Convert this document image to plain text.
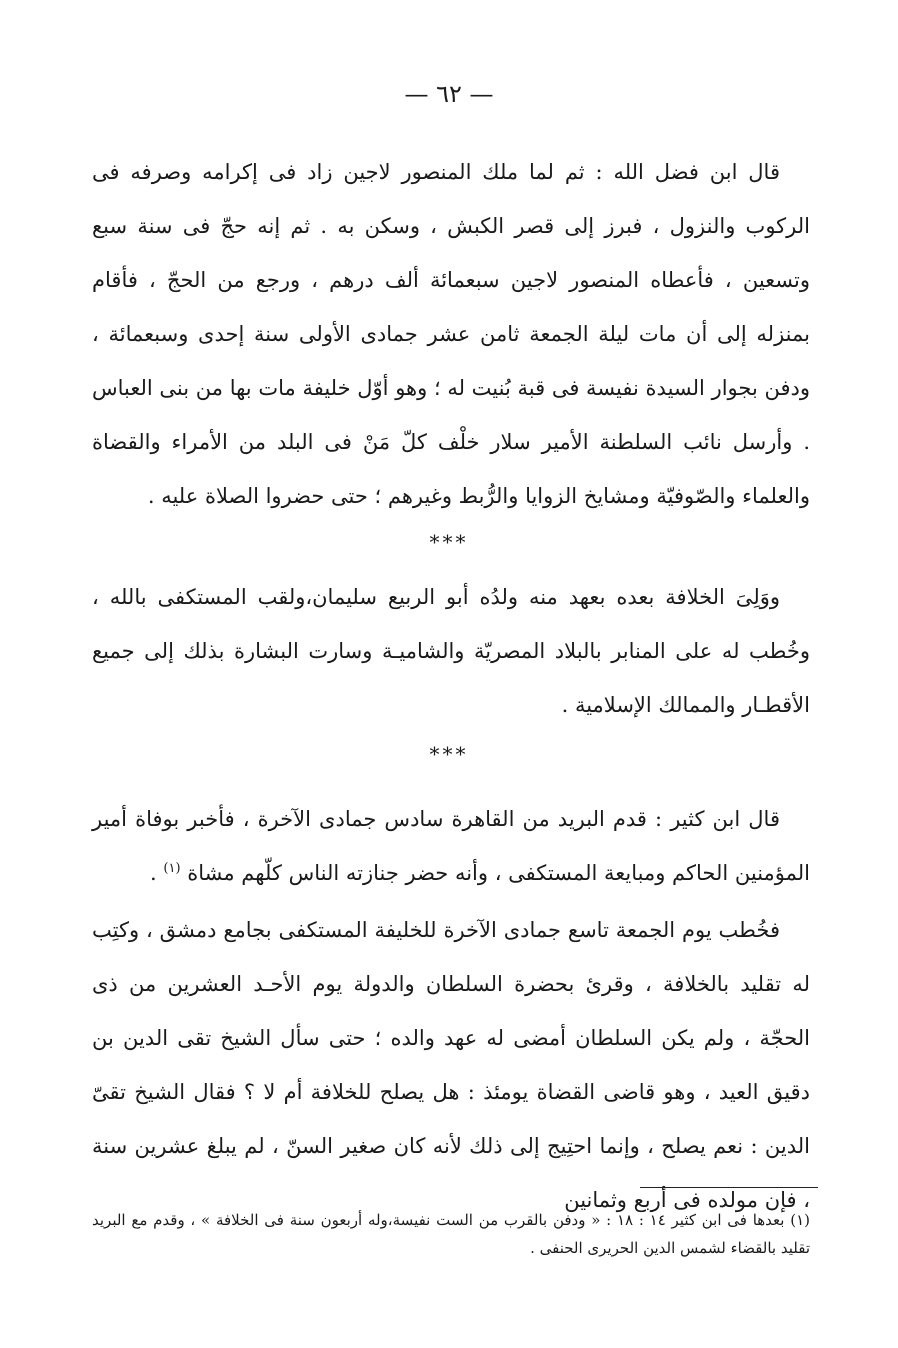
— ٦٢ —
قال ابن فضل الله : ثم لما ملك المنصور لاجين زاد فى إكرامه وصرفه فى الركوب والنزول ، فبرز إلى قصر الكبش ، وسكن به . ثم إنه حجّ فى سنة سبع وتسعين ، فأعطاه المنصور لاجين سبعمائة ألف درهم ، ورجع من الحجّ ، فأقام بمنزله إلى أن مات ليلة الجمعة ثامن عشر جمادى الأولى سنة إحدى وسبعمائة ، ودفن بجوار السيدة نفيسة فى قبة بُنيت له ؛ وهو أوّل خليفة مات بها من بنى العباس . وأرسل نائب السلطنة الأمير سلار خلْف كلّ مَنْ فى البلد من الأمراء والقضاة والعلماء والصّوفيّة ومشايخ الزوايا والرُّبط وغيرهم ؛ حتى حضروا الصلاة عليه .
***
ووَلِىَ الخلافة بعده بعهد منه ولدُه أبو الربيع سليمان،ولقب المستكفى بالله ، وخُطب له على المنابر بالبلاد المصريّة والشاميـة وسارت البشارة بذلك إلى جميع الأقطـار والممالك الإسلامية .
***
قال ابن كثير : قدم البريد من القاهرة سادس جمادى الآخرة ، فأخبر بوفاة أمير المؤمنين الحاكم ومبايعة المستكفى ، وأنه حضر جنازته الناس كلّهم مشاة $^{(١)}$ .
فخُطب يوم الجمعة تاسع جمادى الآخرة للخليفة المستكفى بجامع دمشق ، وكتِب له تقليد بالخلافة ، وقرئ بحضرة السلطان والدولة يوم الأحـد العشرين من ذى الحجّة ، ولم يكن السلطان أمضى له عهد والده ؛ حتى سأل الشيخ تقى الدين بن دقيق العيد ، وهو قاضى القضاة يومئذ : هل يصلح للخلافة أم لا ؟ فقال الشيخ تقىّ الدين : نعم يصلح ، وإنما احتِيج إلى ذلك لأنه كان صغير السنّ ، لم يبلغ عشرين سنة ، فإن مولده فى أربع وثمانين
(١) بعدها فى ابن كثير ١٤ : ١٨ : « ودفن بالقرب من الست نفيسة،وله أربعون سنة فى الخلافة » ، وقدم مع البريد تقليد بالقضاء لشمس الدين الحريرى الحنفى .
